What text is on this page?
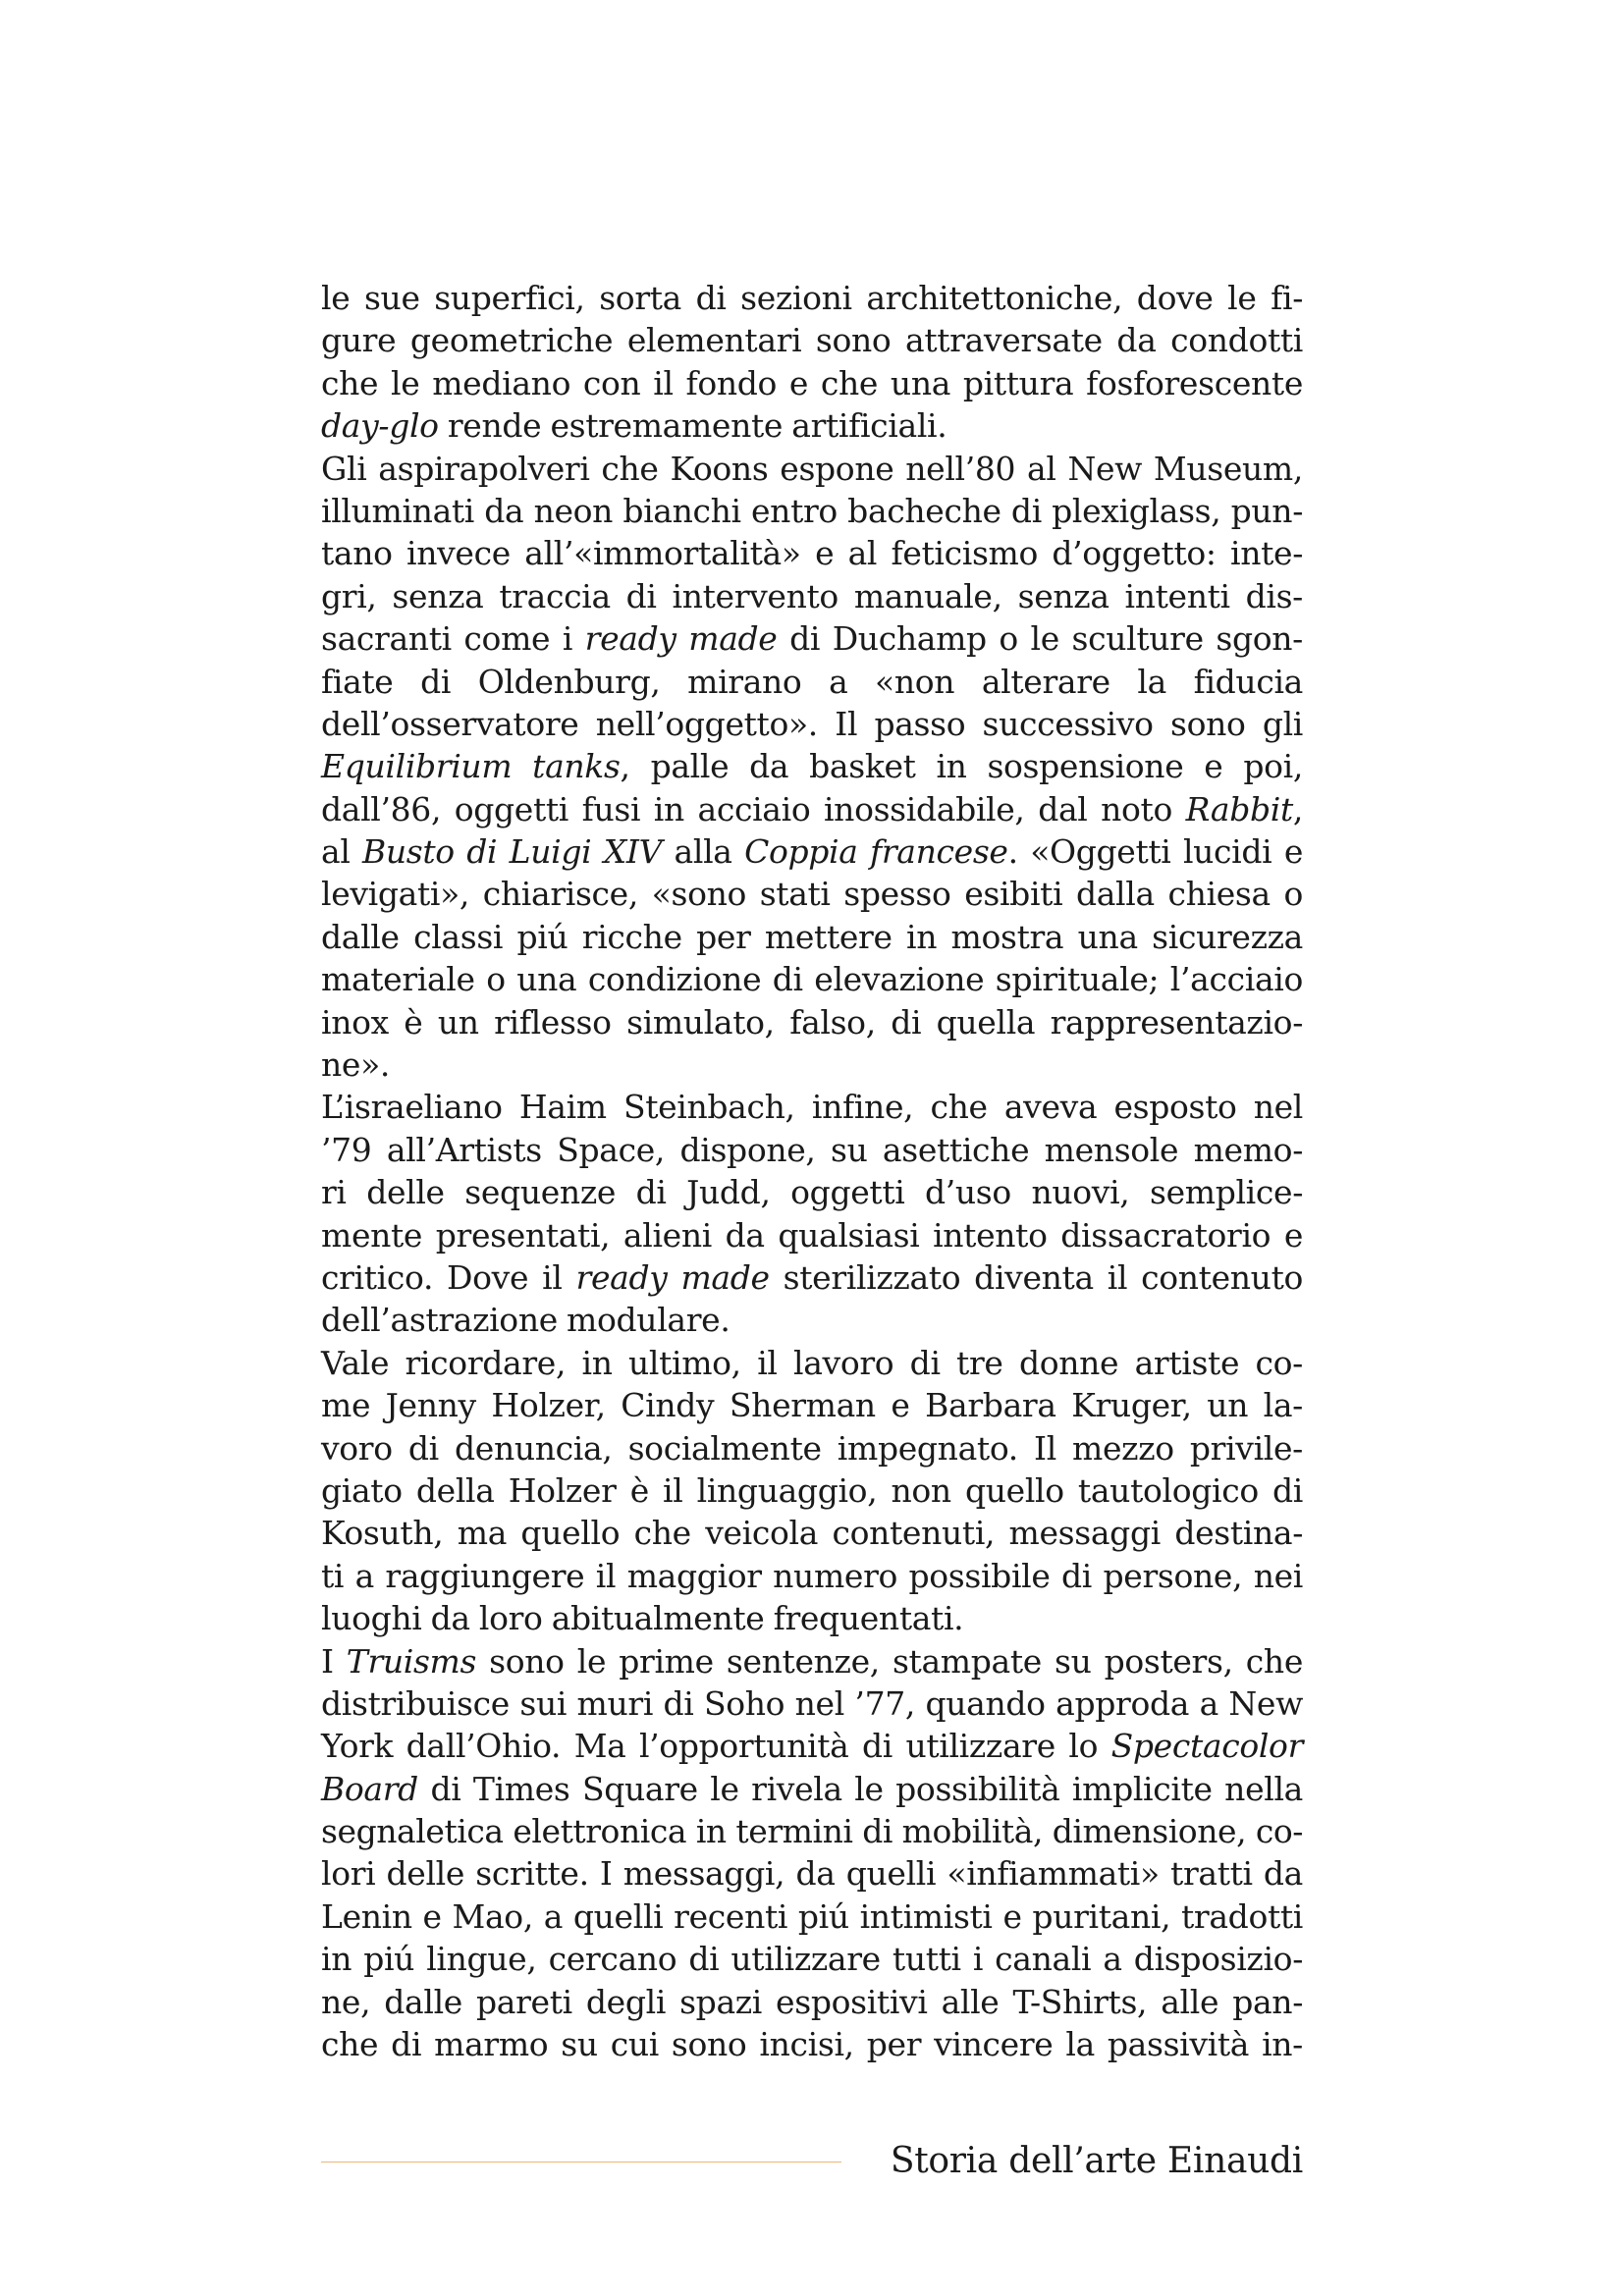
le sue superfici, sorta di sezioni architettoniche, dove le fi-
gure geometriche elementari sono attraversate da condotti
che le mediano con il fondo e che una pittura fosforescente
day-glo rende estremamente artificiali.
Gli aspirapolveri che Koons espone nell’80 al New Museum,
illuminati da neon bianchi entro bacheche di plexiglass, pun-
tano invece all’«immortalità» e al feticismo d’oggetto: inte-
gri, senza traccia di intervento manuale, senza intenti dis-
sacranti come i ready made di Duchamp o le sculture sgon-
fiate di Oldenburg, mirano a «non alterare la fiducia
dell’osservatore nell’oggetto». Il passo successivo sono gli
Equilibrium tanks, palle da basket in sospensione e poi,
dall’86, oggetti fusi in acciaio inossidabile, dal noto Rabbit,
al Busto di Luigi XIV alla Coppia francese. «Oggetti lucidi e
levigati», chiarisce, «sono stati spesso esibiti dalla chiesa o
dalle classi piú ricche per mettere in mostra una sicurezza
materiale o una condizione di elevazione spirituale; l’acciaio
inox è un riflesso simulato, falso, di quella rappresentazio-
ne».
L’israeliano Haim Steinbach, infine, che aveva esposto nel
’79 all’Artists Space, dispone, su asettiche mensole memo-
ri delle sequenze di Judd, oggetti d’uso nuovi, semplice-
mente presentati, alieni da qualsiasi intento dissacratorio e
critico. Dove il ready made sterilizzato diventa il contenuto
dell’astrazione modulare.
Vale ricordare, in ultimo, il lavoro di tre donne artiste co-
me Jenny Holzer, Cindy Sherman e Barbara Kruger, un la-
voro di denuncia, socialmente impegnato. Il mezzo privile-
giato della Holzer è il linguaggio, non quello tautologico di
Kosuth, ma quello che veicola contenuti, messaggi destina-
ti a raggiungere il maggior numero possibile di persone, nei
luoghi da loro abitualmente frequentati.
I Truisms sono le prime sentenze, stampate su posters, che
distribuisce sui muri di Soho nel ’77, quando approda a New
York dall’Ohio. Ma l’opportunità di utilizzare lo Spectacolor
Board di Times Square le rivela le possibilità implicite nella
segnaletica elettronica in termini di mobilità, dimensione, co-
lori delle scritte. I messaggi, da quelli «infiammati» tratti da
Lenin e Mao, a quelli recenti piú intimisti e puritani, tradotti
in piú lingue, cercano di utilizzare tutti i canali a disposizio-
ne, dalle pareti degli spazi espositivi alle T-Shirts, alle pan-
che di marmo su cui sono incisi, per vincere la passività in-
Storia dell’arte Einaudi
